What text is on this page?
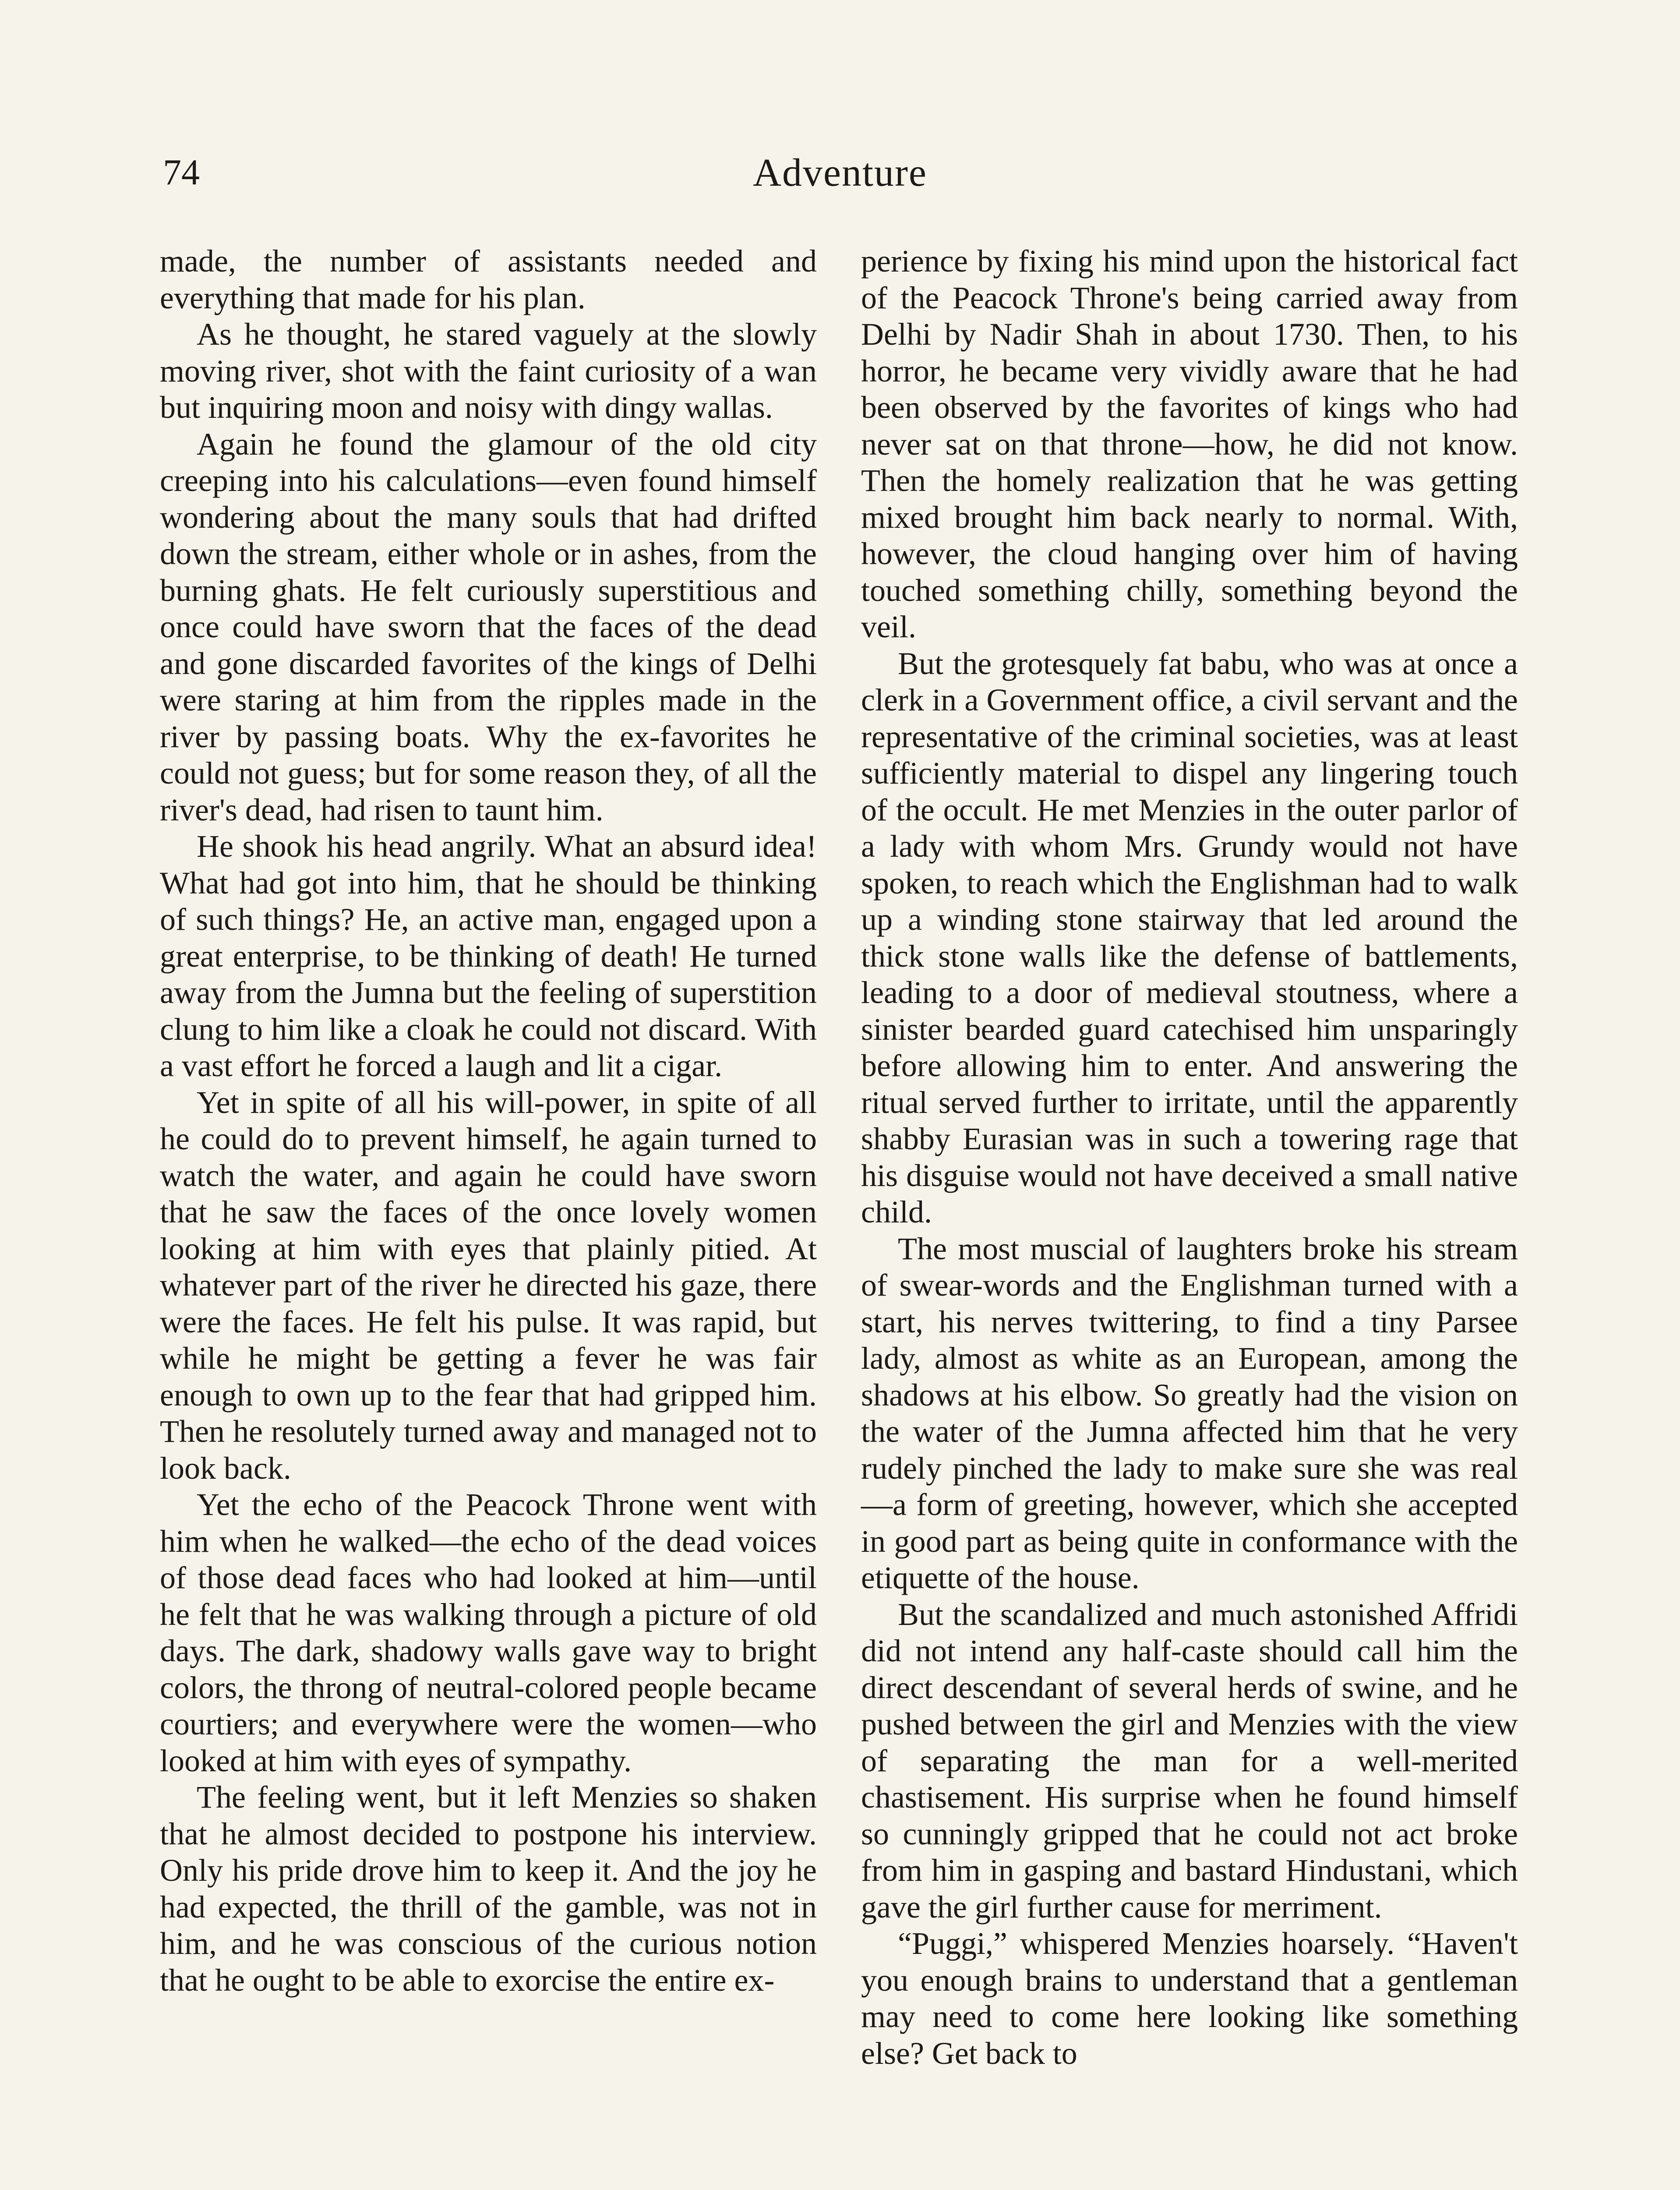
74	Adventure

made, the number of assistants needed and everything that made for his plan.

As he thought, he stared vaguely at the slowly moving river, shot with the faint curiosity of a wan but inquiring moon and noisy with dingy wallas.

Again he found the glamour of the old city creeping into his calculations—even found himself wondering about the many souls that had drifted down the stream, either whole or in ashes, from the burning ghats. He felt curiously superstitious and once could have sworn that the faces of the dead and gone discarded favorites of the kings of Delhi were staring at him from the ripples made in the river by passing boats. Why the ex-favorites he could not guess; but for some reason they, of all the river's dead, had risen to taunt him.

He shook his head angrily. What an absurd idea! What had got into him, that he should be thinking of such things? He, an active man, engaged upon a great enterprise, to be thinking of death! He turned away from the Jumna but the feeling of superstition clung to him like a cloak he could not discard. With a vast effort he forced a laugh and lit a cigar.

Yet in spite of all his will-power, in spite of all he could do to prevent himself, he again turned to watch the water, and again he could have sworn that he saw the faces of the once lovely women looking at him with eyes that plainly pitied. At whatever part of the river he directed his gaze, there were the faces. He felt his pulse. It was rapid, but while he might be getting a fever he was fair enough to own up to the fear that had gripped him. Then he resolutely turned away and managed not to look back.

Yet the echo of the Peacock Throne went with him when he walked—the echo of the dead voices of those dead faces who had looked at him—until he felt that he was walking through a picture of old days. The dark, shadowy walls gave way to bright colors, the throng of neutral-colored people became courtiers; and everywhere were the women—who looked at him with eyes of sympathy.

The feeling went, but it left Menzies so shaken that he almost decided to postpone his interview. Only his pride drove him to keep it. And the joy he had expected, the thrill of the gamble, was not in him, and he was conscious of the curious notion that he ought to be able to exorcise the entire ex-

perience by fixing his mind upon the historical fact of the Peacock Throne's being carried away from Delhi by Nadir Shah in about 1730. Then, to his horror, he became very vividly aware that he had been observed by the favorites of kings who had never sat on that throne—how, he did not know. Then the homely realization that he was getting mixed brought him back nearly to normal. With, however, the cloud hanging over him of having touched something chilly, something beyond the veil.

But the grotesquely fat babu, who was at once a clerk in a Government office, a civil servant and the representative of the criminal societies, was at least sufficiently material to dispel any lingering touch of the occult. He met Menzies in the outer parlor of a lady with whom Mrs. Grundy would not have spoken, to reach which the Englishman had to walk up a winding stone stairway that led around the thick stone walls like the defense of battlements, leading to a door of medieval stoutness, where a sinister bearded guard catechised him unsparingly before allowing him to enter. And answering the ritual served further to irritate, until the apparently shabby Eurasian was in such a towering rage that his disguise would not have deceived a small native child.

The most muscial of laughters broke his stream of swear-words and the Englishman turned with a start, his nerves twittering, to find a tiny Parsee lady, almost as white as an European, among the shadows at his elbow. So greatly had the vision on the water of the Jumna affected him that he very rudely pinched the lady to make sure she was real—a form of greeting, however, which she accepted in good part as being quite in conformance with the etiquette of the house.

But the scandalized and much astonished Affridi did not intend any half-caste should call him the direct descendant of several herds of swine, and he pushed between the girl and Menzies with the view of separating the man for a well-merited chastisement. His surprise when he found himself so cunningly gripped that he could not act broke from him in gasping and bastard Hindustani, which gave the girl further cause for merriment.

“Puggi,” whispered Menzies hoarsely. “Haven't you enough brains to understand that a gentleman may need to come here looking like something else? Get back to
